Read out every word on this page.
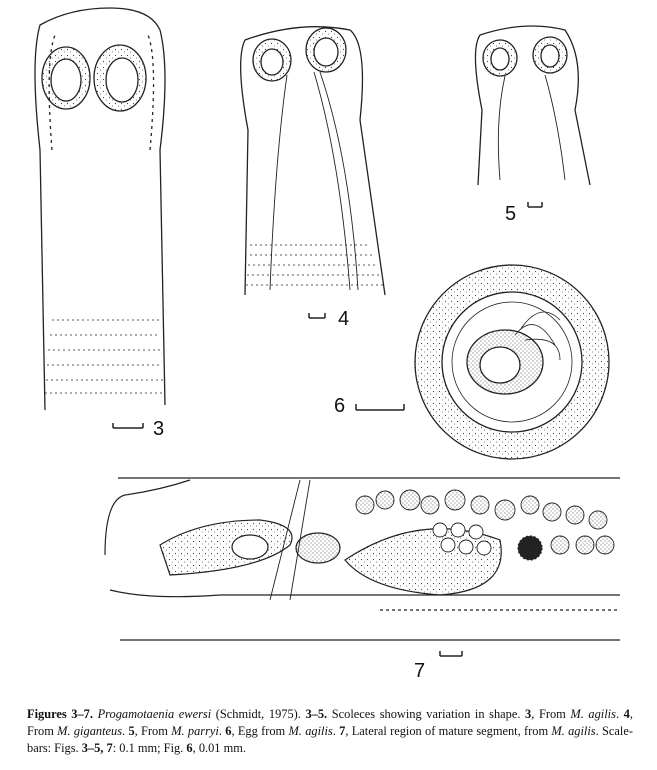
3
4
5
6
7
Figures 3–7. Progamotaenia ewersi (Schmidt, 1975). 3–5. Scoleces showing variation in shape. 3, From M. agilis. 4, From M. giganteus. 5, From M. parryi. 6, Egg from M. agilis. 7, Lateral region of mature segment, from M. agilis. Scale-bars: Figs. 3–5, 7: 0.1 mm; Fig. 6, 0.01 mm.
